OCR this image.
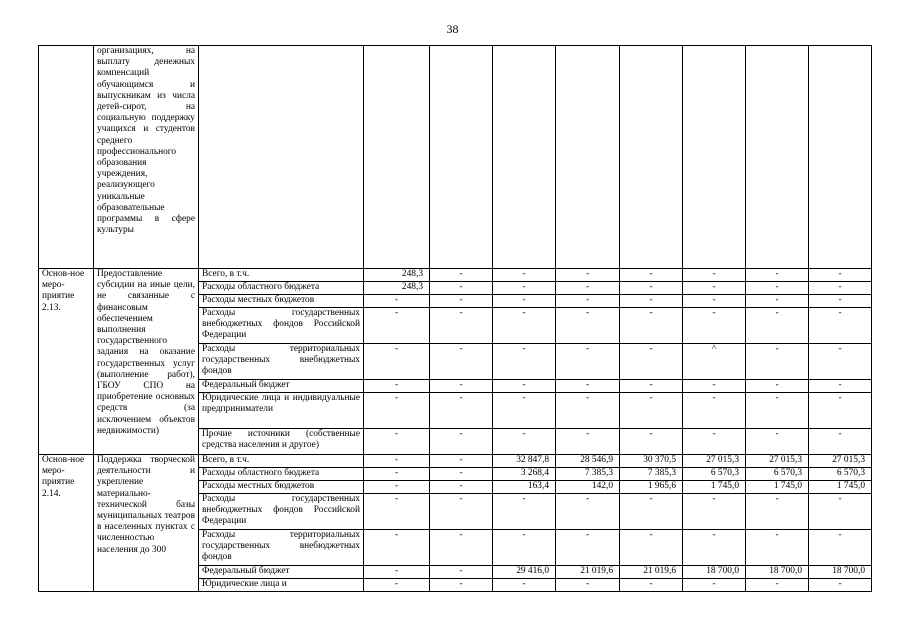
38
	организациях, на выплату денежных компенсаций обучающимся и выпускникам из числа детей-сирот, на социальную поддержку учащихся и студентов среднего профессионального образования учреждения, реализующего уникальные образовательные программы в сфере культуры									
Основ-ное меро-приятие 2.13.	Предоставление субсидии на иные цели, не связанные с финансовым обеспечением выполнения государственного задания на оказание государственных услуг (выполнение работ), ГБОУ СПО на приобретение основных средств (за исключением объектов недвижимости)	Всего, в т.ч.	248,3	-	-	-	-	-	-	-
		Расходы областного бюджета	248,3	-	-	-	-	-	-	-
		Расходы местных бюджетов	-	-	-	-	-	-	-	-
		Расходы государственных внебюджетных фондов Российской Федерации	-	-	-	-	-	-	-	-
		Расходы территориальных государственных внебюджетных фондов	-	-	-	-	-	^	-	-
		Федеральный бюджет	-	-	-	-	-	-	-	-
		Юридические лица и индивидуальные предприниматели	-	-	-	-	-	-	-	-
		Прочие источники (собственные средства населения и другое)	-	-	-	-	-	-	-	-
Основ-ное меро-приятие 2.14.	Поддержка творческой деятельности и укрепление материально-технической базы муниципальных театров в населенных пунктах с численностью населения до 300	Всего, в т.ч.	-	-	32 847,8	28 546,9	30 370,5	27 015,3	27 015,3	27 015,3
		Расходы областного бюджета	-	-	3 268,4	7 385,3	7 385,3	6 570,3	6 570,3	6 570,3
		Расходы местных бюджетов	-	-	163,4	142,0	1 965,6	1 745,0	1 745,0	1 745,0
		Расходы государственных внебюджетных фондов Российской Федерации	-	-	-	-	-	-	-	-
		Расходы территориальных государственных внебюджетных фондов	-	-	-	-	-	-	-	-
		Федеральный бюджет	-	-	29 416,0	21 019,6	21 019,6	18 700,0	18 700,0	18 700,0
		Юридические лица и	-	-	-	-	-	-	-	-
